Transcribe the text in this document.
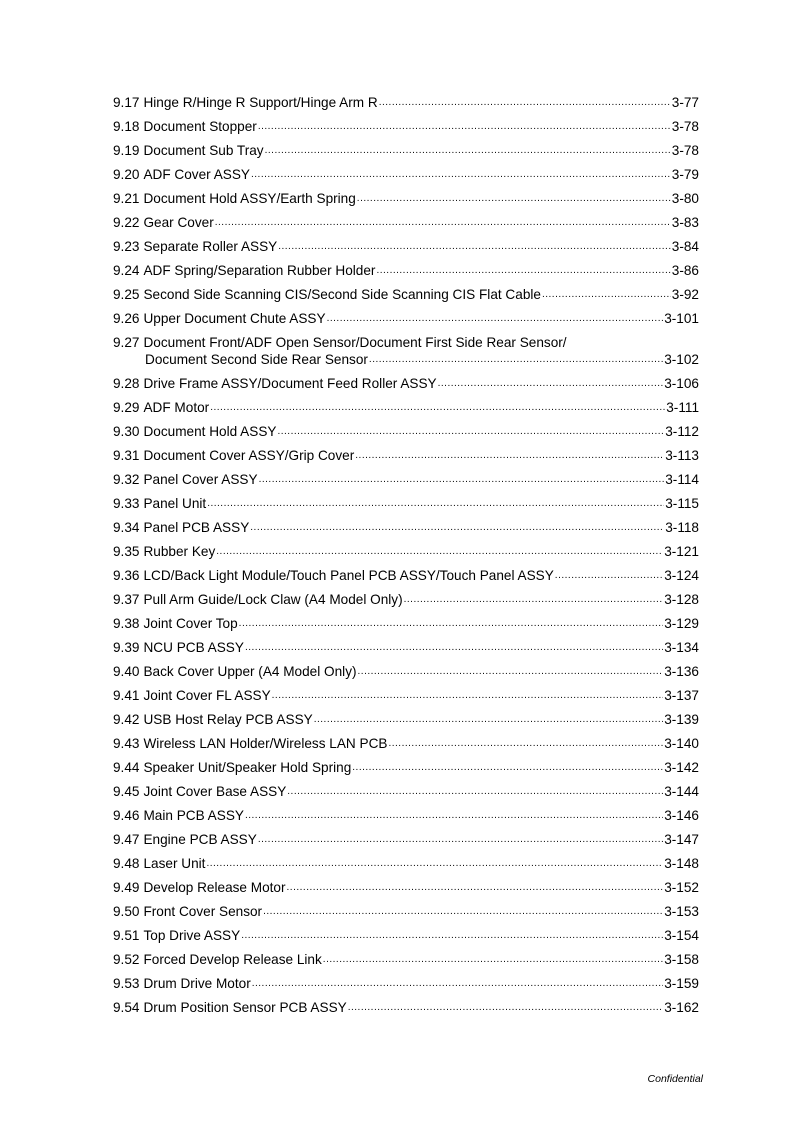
9.17 Hinge R/Hinge R Support/Hinge Arm R .....	3-77
9.18 Document Stopper .....	3-78
9.19 Document Sub Tray .....	3-78
9.20 ADF Cover ASSY .....	3-79
9.21 Document Hold ASSY/Earth Spring .....	3-80
9.22 Gear Cover .....	3-83
9.23 Separate Roller ASSY .....	3-84
9.24 ADF Spring/Separation Rubber Holder .....	3-86
9.25 Second Side Scanning CIS/Second Side Scanning CIS Flat Cable .....	3-92
9.26 Upper Document Chute ASSY .....	3-101
9.27 Document Front/ADF Open Sensor/Document First Side Rear Sensor/
Document Second Side Rear Sensor .....	3-102
9.28 Drive Frame ASSY/Document Feed Roller ASSY .....	3-106
9.29 ADF Motor .....	3-111
9.30 Document Hold ASSY .....	3-112
9.31 Document Cover ASSY/Grip Cover .....	3-113
9.32 Panel Cover ASSY .....	3-114
9.33 Panel Unit .....	3-115
9.34 Panel PCB ASSY .....	3-118
9.35 Rubber Key .....	3-121
9.36 LCD/Back Light Module/Touch Panel PCB ASSY/Touch Panel ASSY .....	3-124
9.37 Pull Arm Guide/Lock Claw (A4 Model Only) .....	3-128
9.38 Joint Cover Top .....	3-129
9.39 NCU PCB ASSY .....	3-134
9.40 Back Cover Upper (A4 Model Only) .....	3-136
9.41 Joint Cover FL ASSY .....	3-137
9.42 USB Host Relay PCB ASSY .....	3-139
9.43 Wireless LAN Holder/Wireless LAN PCB .....	3-140
9.44 Speaker Unit/Speaker Hold Spring .....	3-142
9.45 Joint Cover Base ASSY .....	3-144
9.46 Main PCB ASSY .....	3-146
9.47 Engine PCB ASSY .....	3-147
9.48 Laser Unit .....	3-148
9.49 Develop Release Motor .....	3-152
9.50 Front Cover Sensor .....	3-153
9.51 Top Drive ASSY .....	3-154
9.52 Forced Develop Release Link .....	3-158
9.53 Drum Drive Motor .....	3-159
9.54 Drum Position Sensor PCB ASSY .....	3-162
Confidential
